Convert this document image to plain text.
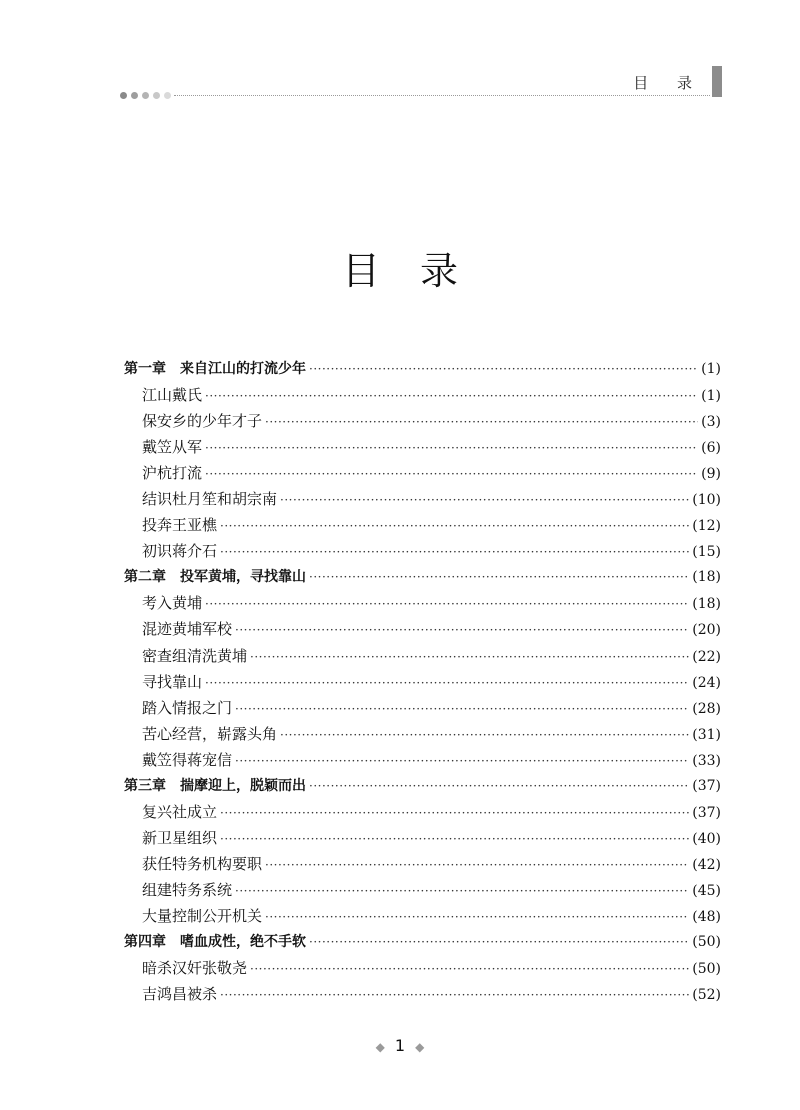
目 录
目录
第一章　来自江山的打流少年 ·····	(1)
江山戴氏 ·····	(1)
保安乡的少年才子 ·····	(3)
戴笠从军 ·····	(6)
沪杭打流 ·····	(9)
结识杜月笙和胡宗南 ·····	(10)
投奔王亚樵 ·····	(12)
初识蒋介石 ·····	(15)
第二章　投军黄埔，寻找靠山 ·····	(18)
考入黄埔 ·····	(18)
混迹黄埔军校 ·····	(20)
密查组清洗黄埔 ·····	(22)
寻找靠山 ·····	(24)
踏入情报之门 ·····	(28)
苦心经营，崭露头角 ·····	(31)
戴笠得蒋宠信 ·····	(33)
第三章　揣摩迎上，脱颖而出 ·····	(37)
复兴社成立 ·····	(37)
新卫星组织 ·····	(40)
获任特务机构要职 ·····	(42)
组建特务系统 ·····	(45)
大量控制公开机关 ·····	(48)
第四章　嗜血成性，绝不手软 ·····	(50)
暗杀汉奸张敬尧 ·····	(50)
吉鸿昌被杀 ·····	(52)
◆ 1 ◆
